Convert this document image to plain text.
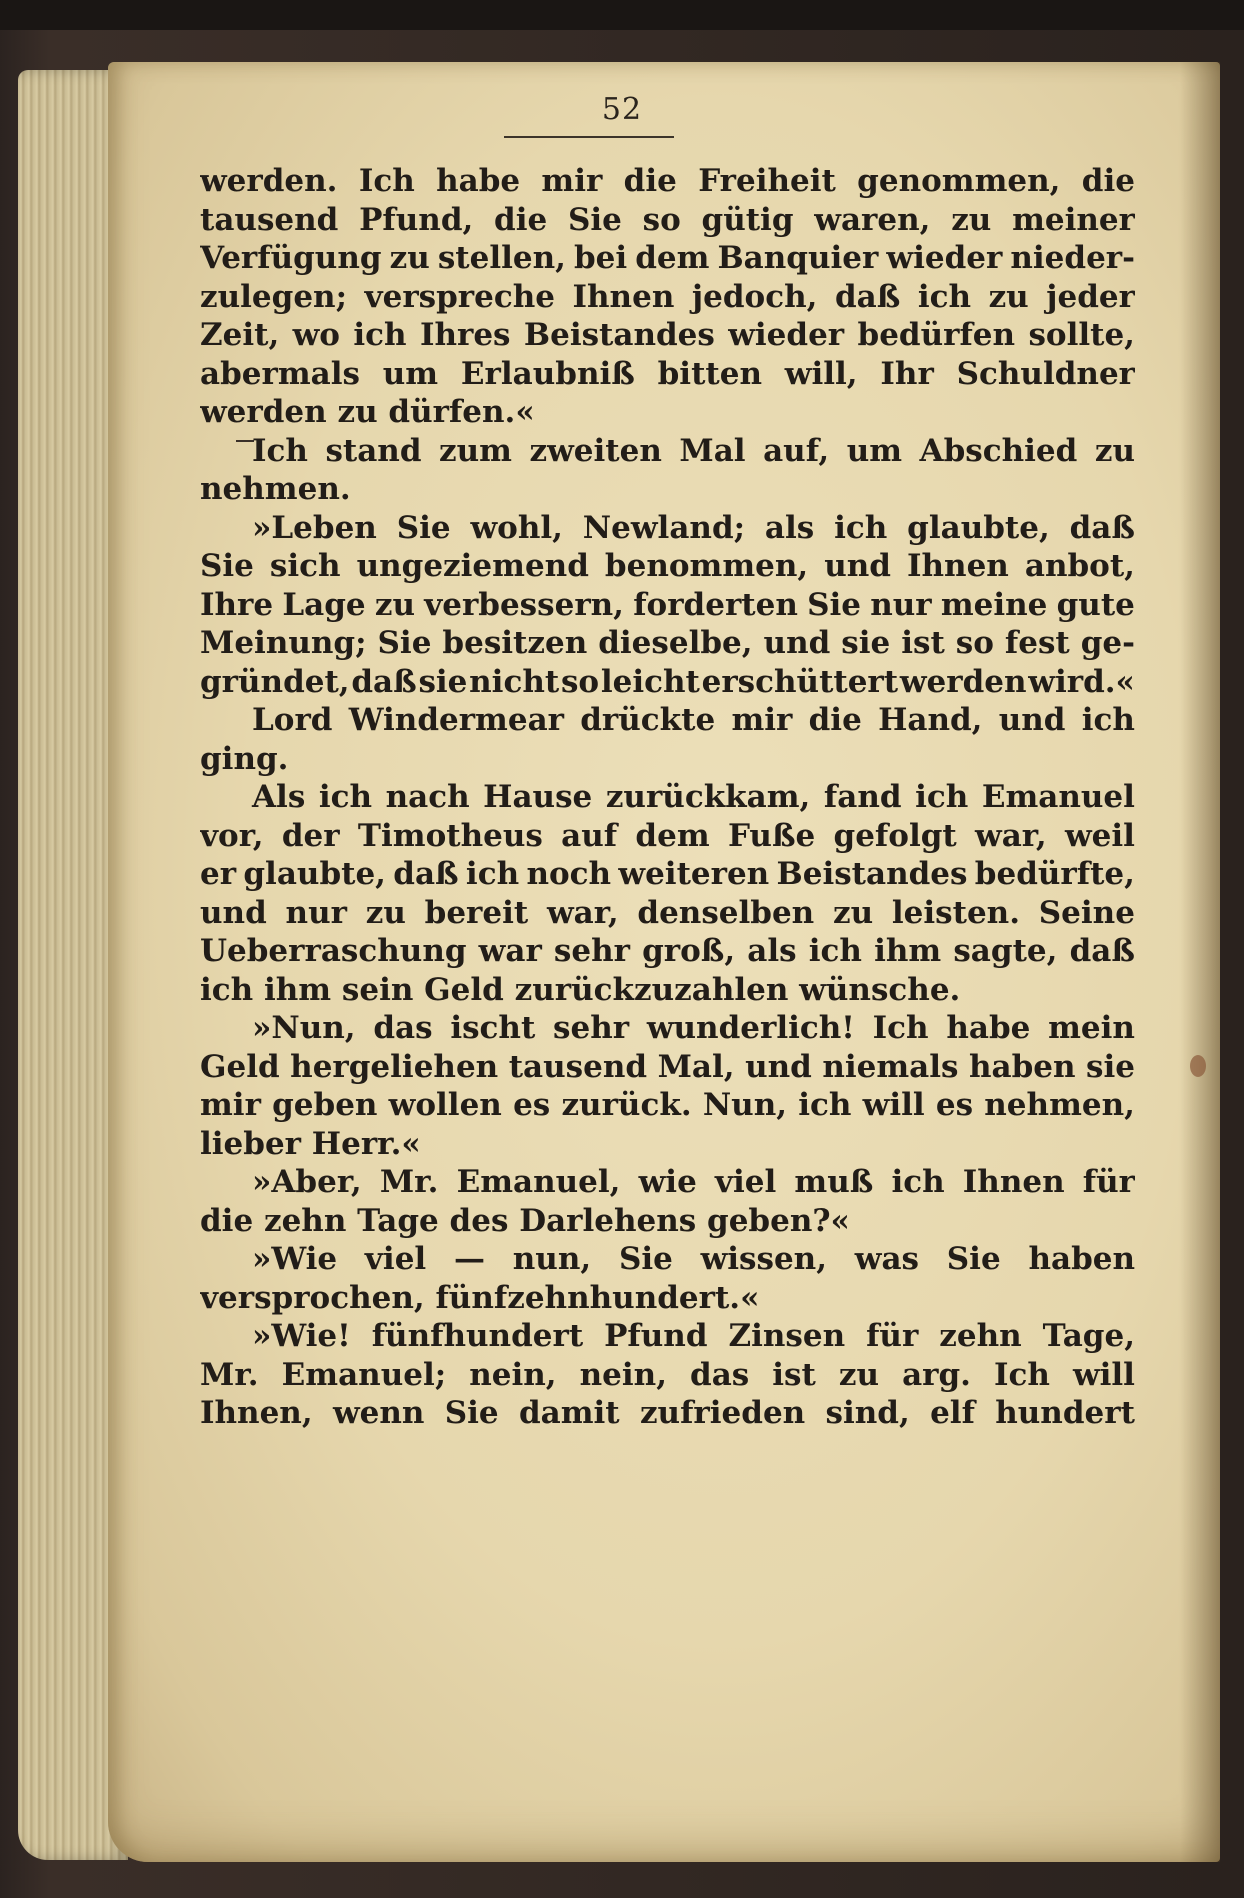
52
werden. Ich habe mir die Freiheit genommen, die
tausend Pfund, die Sie so gütig waren, zu meiner
Verfügung zu stellen, bei dem Banquier wieder nieder-
zulegen; verspreche Ihnen jedoch, daß ich zu jeder
Zeit, wo ich Ihres Beistandes wieder bedürfen sollte,
abermals um Erlaubniß bitten will, Ihr Schuldner
werden zu dürfen.«
Ich stand zum zweiten Mal auf, um Abschied zu
nehmen.
»Leben Sie wohl, Newland; als ich glaubte, daß
Sie sich ungeziemend benommen, und Ihnen anbot,
Ihre Lage zu verbessern, forderten Sie nur meine gute
Meinung; Sie besitzen dieselbe, und sie ist so fest ge-
gründet, daß sie nicht so leicht erschüttert werden wird.«
Lord Windermear drückte mir die Hand, und ich
ging.
Als ich nach Hause zurückkam, fand ich Emanuel
vor, der Timotheus auf dem Fuße gefolgt war, weil
er glaubte, daß ich noch weiteren Beistandes bedürfte,
und nur zu bereit war, denselben zu leisten. Seine
Ueberraschung war sehr groß, als ich ihm sagte, daß
ich ihm sein Geld zurückzuzahlen wünsche.
»Nun, das ischt sehr wunderlich! Ich habe mein
Geld hergeliehen tausend Mal, und niemals haben sie
mir geben wollen es zurück. Nun, ich will es nehmen,
lieber Herr.«
»Aber, Mr. Emanuel, wie viel muß ich Ihnen für
die zehn Tage des Darlehens geben?«
»Wie viel — nun, Sie wissen, was Sie haben
versprochen, fünfzehnhundert.«
»Wie! fünfhundert Pfund Zinsen für zehn Tage,
Mr. Emanuel; nein, nein, das ist zu arg. Ich will
Ihnen, wenn Sie damit zufrieden sind, elf hundert
